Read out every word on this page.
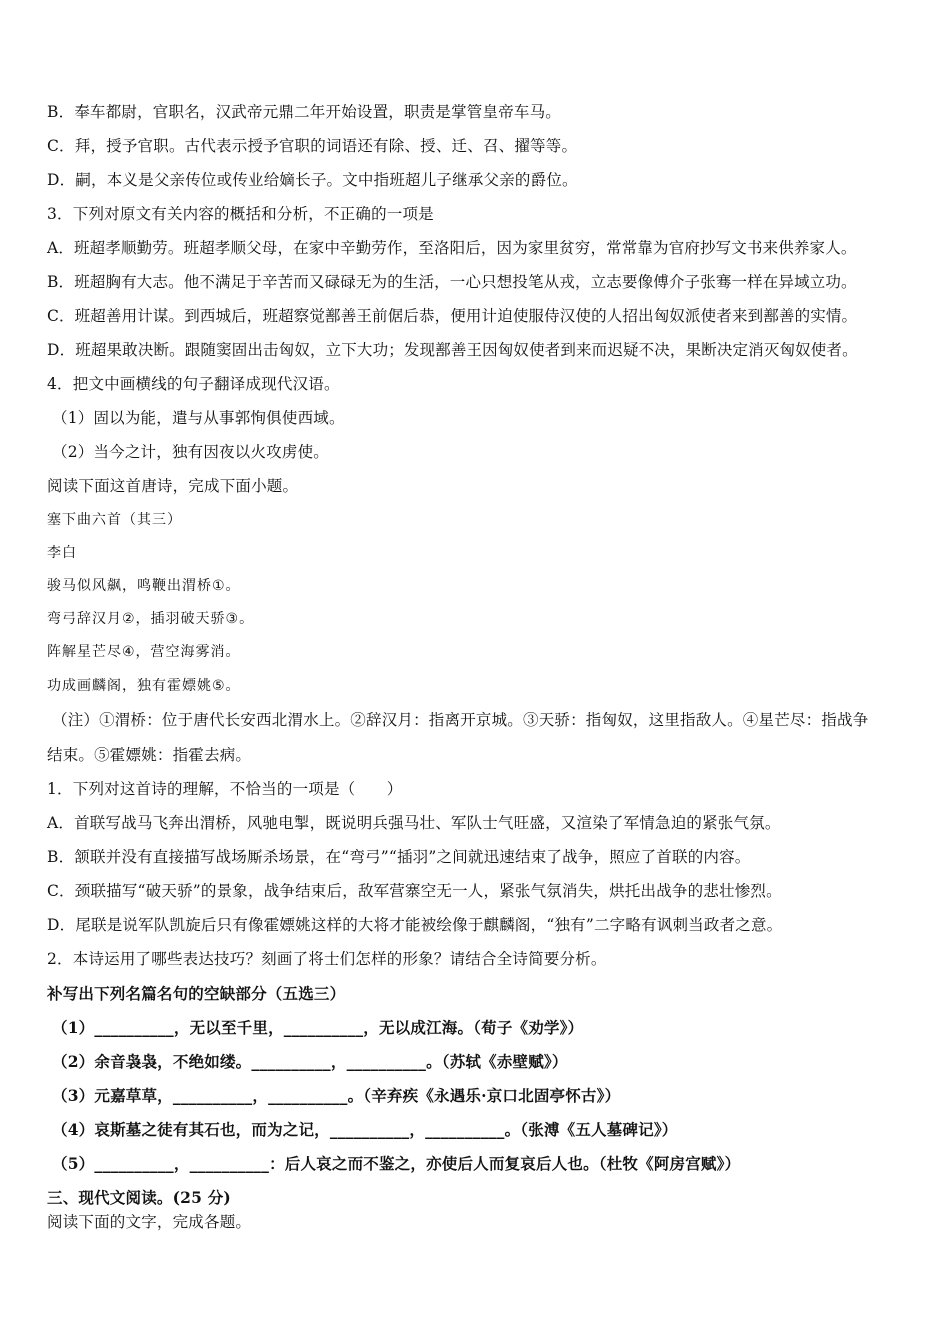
B．奉车都尉，官职名，汉武帝元鼎二年开始设置，职责是掌管皇帝车马。
C．拜，授予官职。古代表示授予官职的词语还有除、授、迁、召、擢等等。
D．嗣，本义是父亲传位或传业给嫡长子。文中指班超儿子继承父亲的爵位。
3．下列对原文有关内容的概括和分析，不正确的一项是
A．班超孝顺勤劳。班超孝顺父母，在家中辛勤劳作，至洛阳后，因为家里贫穷，常常靠为官府抄写文书来供养家人。
B．班超胸有大志。他不满足于辛苦而又碌碌无为的生活，一心只想投笔从戎，立志要像傅介子张骞一样在异域立功。
C．班超善用计谋。到西城后，班超察觉鄯善王前倨后恭，便用计迫使服侍汉使的人招出匈奴派使者来到鄯善的实情。
D．班超果敢决断。跟随窦固出击匈奴，立下大功；发现鄯善王因匈奴使者到来而迟疑不决，果断决定消灭匈奴使者。
4．把文中画横线的句子翻译成现代汉语。
（1）固以为能，遣与从事郭恂俱使西域。
（2）当今之计，独有因夜以火攻虏使。
阅读下面这首唐诗，完成下面小题。
塞下曲六首（其三）
李白
骏马似风飙，鸣鞭出渭桥①。
弯弓辞汉月②，插羽破天骄③。
阵解星芒尽④，营空海雾消。
功成画麟阁，独有霍嫖姚⑤。
（注）①渭桥：位于唐代长安西北渭水上。②辞汉月：指离开京城。③天骄：指匈奴，这里指敌人。④星芒尽：指战争
结束。⑤霍嫖姚：指霍去病。
1．下列对这首诗的理解，不恰当的一项是（　　）
A．首联写战马飞奔出渭桥，风驰电掣，既说明兵强马壮、军队士气旺盛，又渲染了军情急迫的紧张气氛。
B．颔联并没有直接描写战场厮杀场景，在“弯弓”“插羽”之间就迅速结束了战争，照应了首联的内容。
C．颈联描写“破天骄”的景象，战争结束后，敌军营寨空无一人，紧张气氛消失，烘托出战争的悲壮惨烈。
D．尾联是说军队凯旋后只有像霍嫖姚这样的大将才能被绘像于麒麟阁，“独有”二字略有讽刺当政者之意。
2．本诗运用了哪些表达技巧？刻画了将士们怎样的形象？请结合全诗简要分析。
补写出下列名篇名句的空缺部分（五选三）
（1）__________，无以至千里，__________，无以成江海。（荀子《劝学》）
（2）余音袅袅，不绝如缕。__________，__________。（苏轼《赤壁赋》）
（3）元嘉草草，__________，__________。（辛弃疾《永遇乐·京口北固亭怀古》）
（4）哀斯墓之徒有其石也，而为之记，__________，__________。（张溥《五人墓碑记》）
（5）__________，__________：后人哀之而不鉴之，亦使后人而复哀后人也。（杜牧《阿房宫赋》）
三、现代文阅读。(25 分)
阅读下面的文字，完成各题。
